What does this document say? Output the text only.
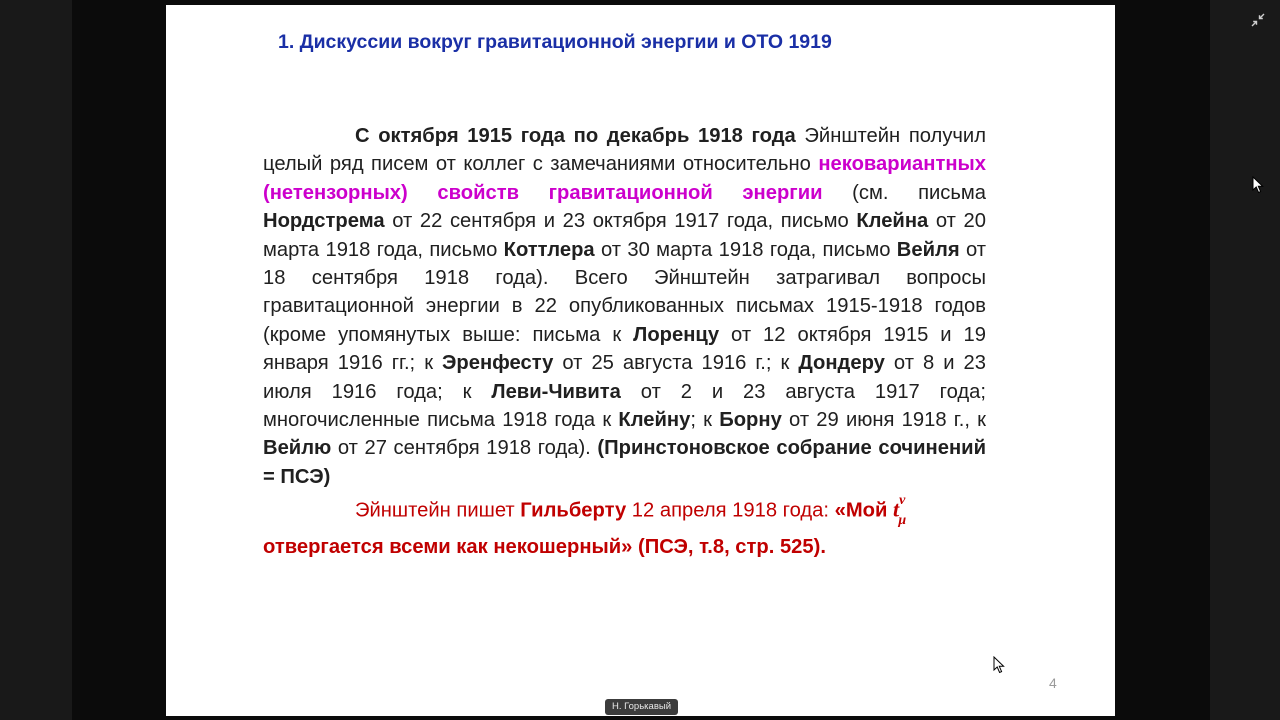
1. Дискуссии вокруг гравитационной энергии и ОТО 1919

С октября 1915 года по декабрь 1918 года Эйнштейн получил целый ряд писем от коллег с замечаниями относительно нековариантных (нетензорных) свойств гравитационной энергии (см. письма Нордстрема от 22 сентября и 23 октября 1917 года, письмо Клейна от 20 марта 1918 года, письмо Коттлера от 30 марта 1918 года, письмо Вейля от 18 сентября 1918 года). Всего Эйнштейн затрагивал вопросы гравитационной энергии в 22 опубликованных письмах 1915-1918 годов (кроме упомянутых выше: письма к Лоренцу от 12 октября 1915 и 19 января 1916 гг.; к Эренфесту от 25 августа 1916 г.; к Дондеру от 8 и 23 июля 1916 года; к Леви-Чивита от 2 и 23 августа 1917 года; многочисленные письма 1918 года к Клейну; к Борну от 29 июня 1918 г., к Вейлю от 27 сентября 1918 года). (Принстоновское собрание сочинений = ПСЭ)

Эйнштейн пишет Гильберту 12 апреля 1918 года: «Мой $t^\nu_\mu$
отвергается всеми как некошерный» (ПСЭ, т.8, стр. 525).

4
Н. Горькавый
